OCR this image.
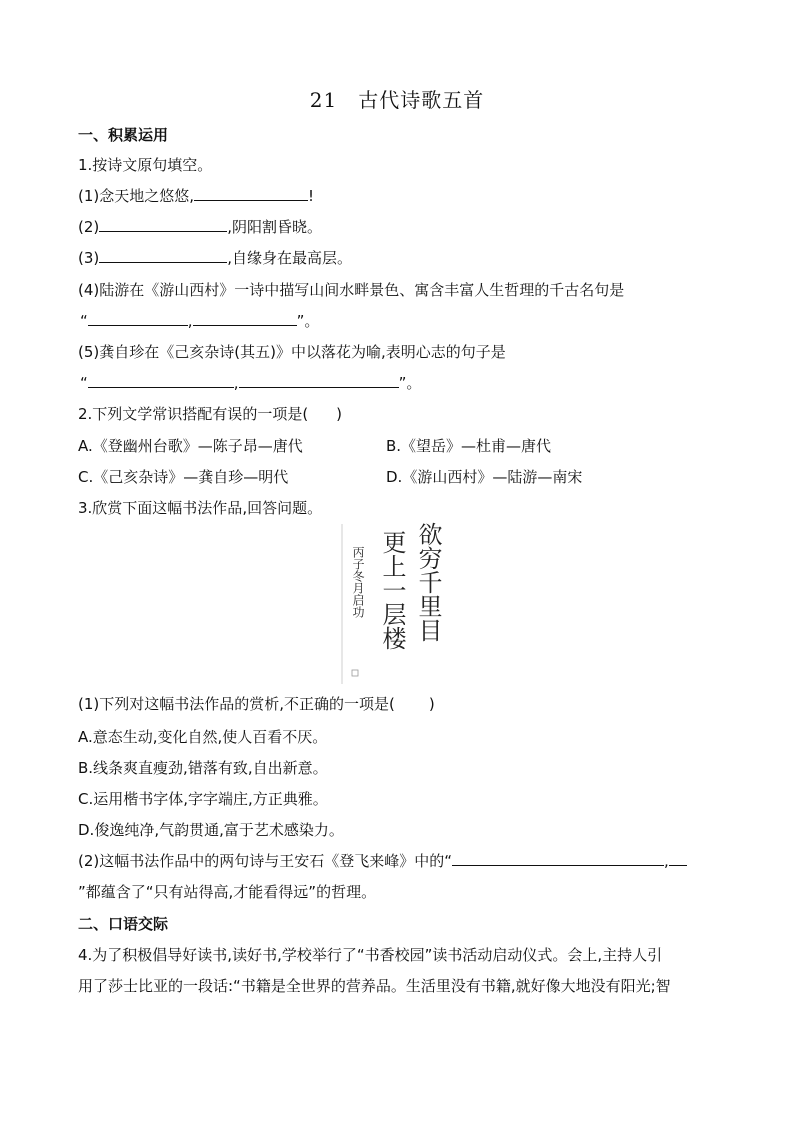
21　古代诗歌五首
一、积累运用
1.按诗文原句填空。
(1)念天地之悠悠,	!
(2)	,阴阳割昏晓。
(3)	,自缘身在最高层。
(4)陆游在《游山西村》一诗中描写山间水畔景色、寓含丰富人生哲理的千古名句是
“	,	”。
(5)龚自珍在《己亥杂诗(其五)》中以落花为喻,表明心志的句子是
“	,	”。
2.下列文学常识搭配有误的一项是( )
A.《登幽州台歌》—陈子昂—唐代	B.《望岳》—杜甫—唐代
C.《己亥杂诗》—龚自珍—明代	D.《游山西村》—陆游—南宋
3.欣赏下面这幅书法作品,回答问题。
欲穷千里目
更上一层楼
丙子冬月启功
(1)下列对这幅书法作品的赏析,不正确的一项是( )
A.意态生动,变化自然,使人百看不厌。
B.线条爽直瘦劲,错落有致,自出新意。
C.运用楷书字体,字字端庄,方正典雅。
D.俊逸纯净,气韵贯通,富于艺术感染力。
(2)这幅书法作品中的两句诗与王安石《登飞来峰》中的“	,
”都蕴含了“只有站得高,才能看得远”的哲理。
二、口语交际
4.为了积极倡导好读书,读好书,学校举行了“书香校园”读书活动启动仪式。会上,主持人引
用了莎士比亚的一段话:“书籍是全世界的营养品。生活里没有书籍,就好像大地没有阳光;智
